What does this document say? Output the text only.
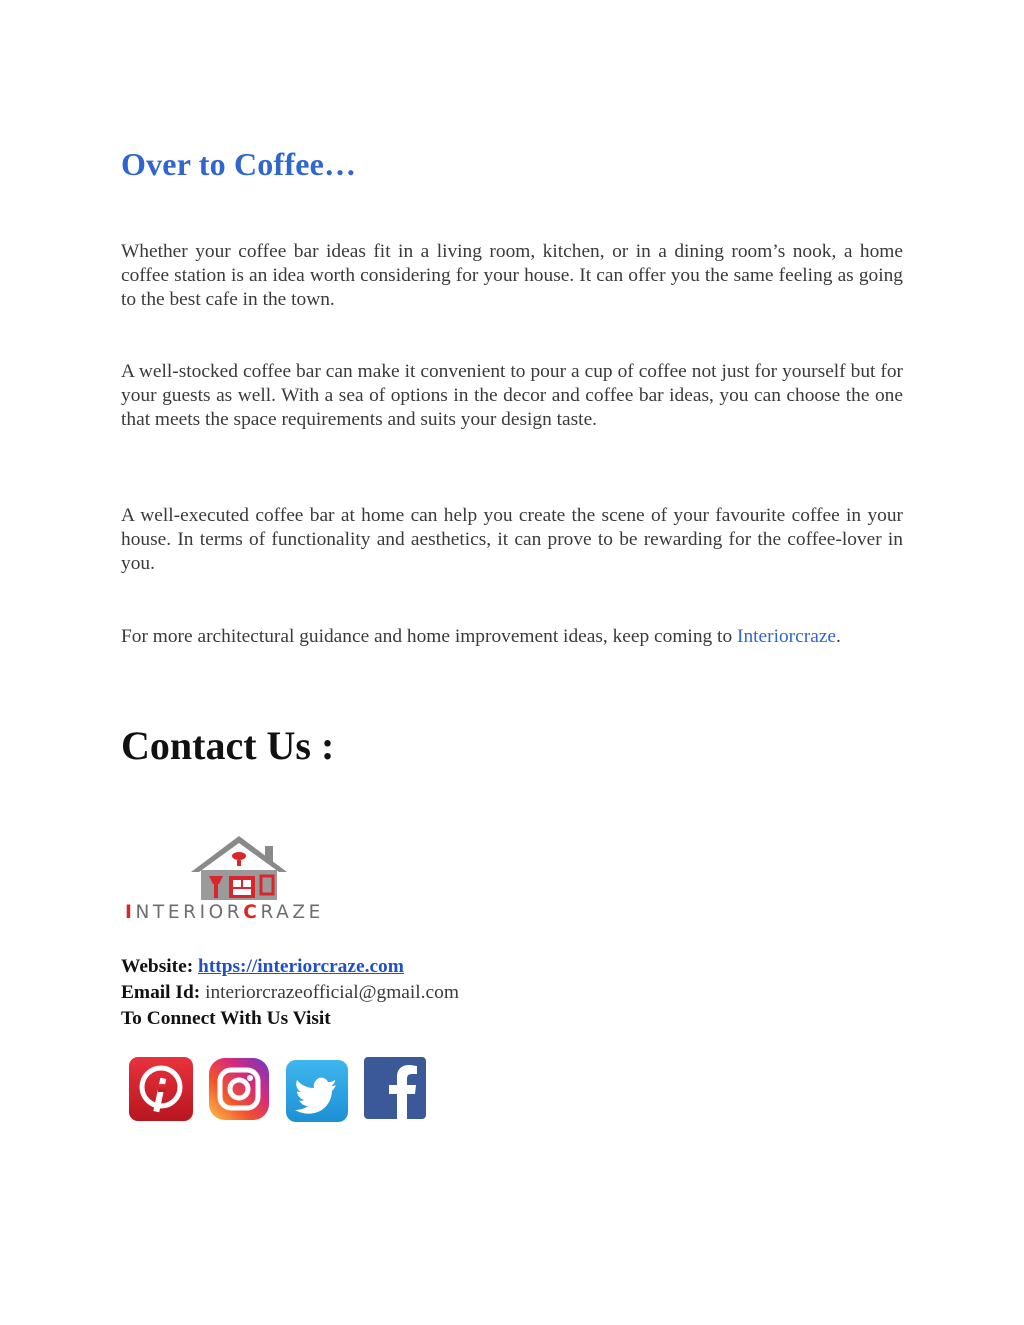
Over to Coffee…

Whether your coffee bar ideas fit in a living room, kitchen, or in a dining room’s nook, a home coffee station is an idea worth considering for your house. It can offer you the same feeling as going to the best cafe in the town.

A well-stocked coffee bar can make it convenient to pour a cup of coffee not just for yourself but for your guests as well. With a sea of options in the decor and coffee bar ideas, you can choose the one that meets the space requirements and suits your design taste.

A well-executed coffee bar at home can help you create the scene of your favourite coffee in your house. In terms of functionality and aesthetics, it can prove to be rewarding for the coffee-lover in you.

For more architectural guidance and home improvement ideas, keep coming to Interiorcraze.

Contact Us :
INTERIORCRAZE
Website: https://interiorcraze.com
Email Id: interiorcrazeofficial@gmail.com
To Connect With Us Visit
